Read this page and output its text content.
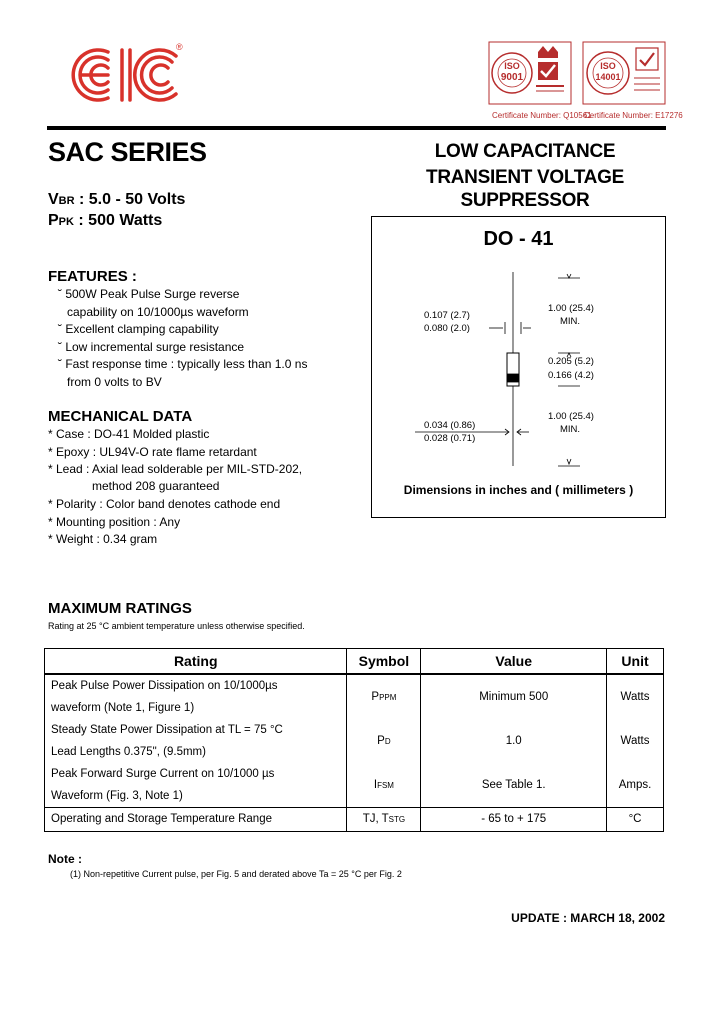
®
ISO
9001
Certificate Number: Q10561
ISO
14001
Certificate Number: E17276
SAC SERIES
VBR : 5.0 - 50 Volts
PPK : 500 Watts
LOW CAPACITANCE
TRANSIENT VOLTAGE
SUPPRESSOR
DO - 41
0.107 (2.7)
0.080 (2.0)
1.00 (25.4)
MIN.
0.205 (5.2)
0.166 (4.2)
0.034 (0.86)
0.028 (0.71)
1.00 (25.4)
MIN.
Dimensions in inches and ( millimeters )
FEATURES :
˘ 500W Peak Pulse Surge reverse
capability on 10/1000µs waveform
˘ Excellent clamping capability
˘ Low incremental surge resistance
˘ Fast response time : typically less than 1.0 ns
from 0 volts to BV
MECHANICAL DATA
* Case : DO-41 Molded plastic
* Epoxy : UL94V-O rate flame retardant
* Lead : Axial lead solderable per MIL-STD-202,
method 208 guaranteed
* Polarity : Color band denotes cathode end
* Mounting position : Any
* Weight : 0.34 gram
MAXIMUM RATINGS
Rating at 25 °C ambient temperature unless otherwise specified.
Rating	Symbol	Value	Unit

Peak Pulse Power Dissipation on 10/1000µs
waveform (Note 1, Figure 1)	PPPM	Minimum 500	Watts

Steady State Power Dissipation at TL = 75 °C
Lead Lengths 0.375", (9.5mm)	PD	1.0	Watts

Peak Forward Surge Current on 10/1000 µs
Waveform (Fig. 3, Note 1)	IFSM	See Table 1.	Amps.
Operating and Storage Temperature Range	TJ, TSTG	- 65 to + 175	°C
Note :
(1) Non-repetitive Current pulse, per Fig. 5 and derated above Ta = 25 °C per Fig. 2
UPDATE : MARCH 18, 2002
